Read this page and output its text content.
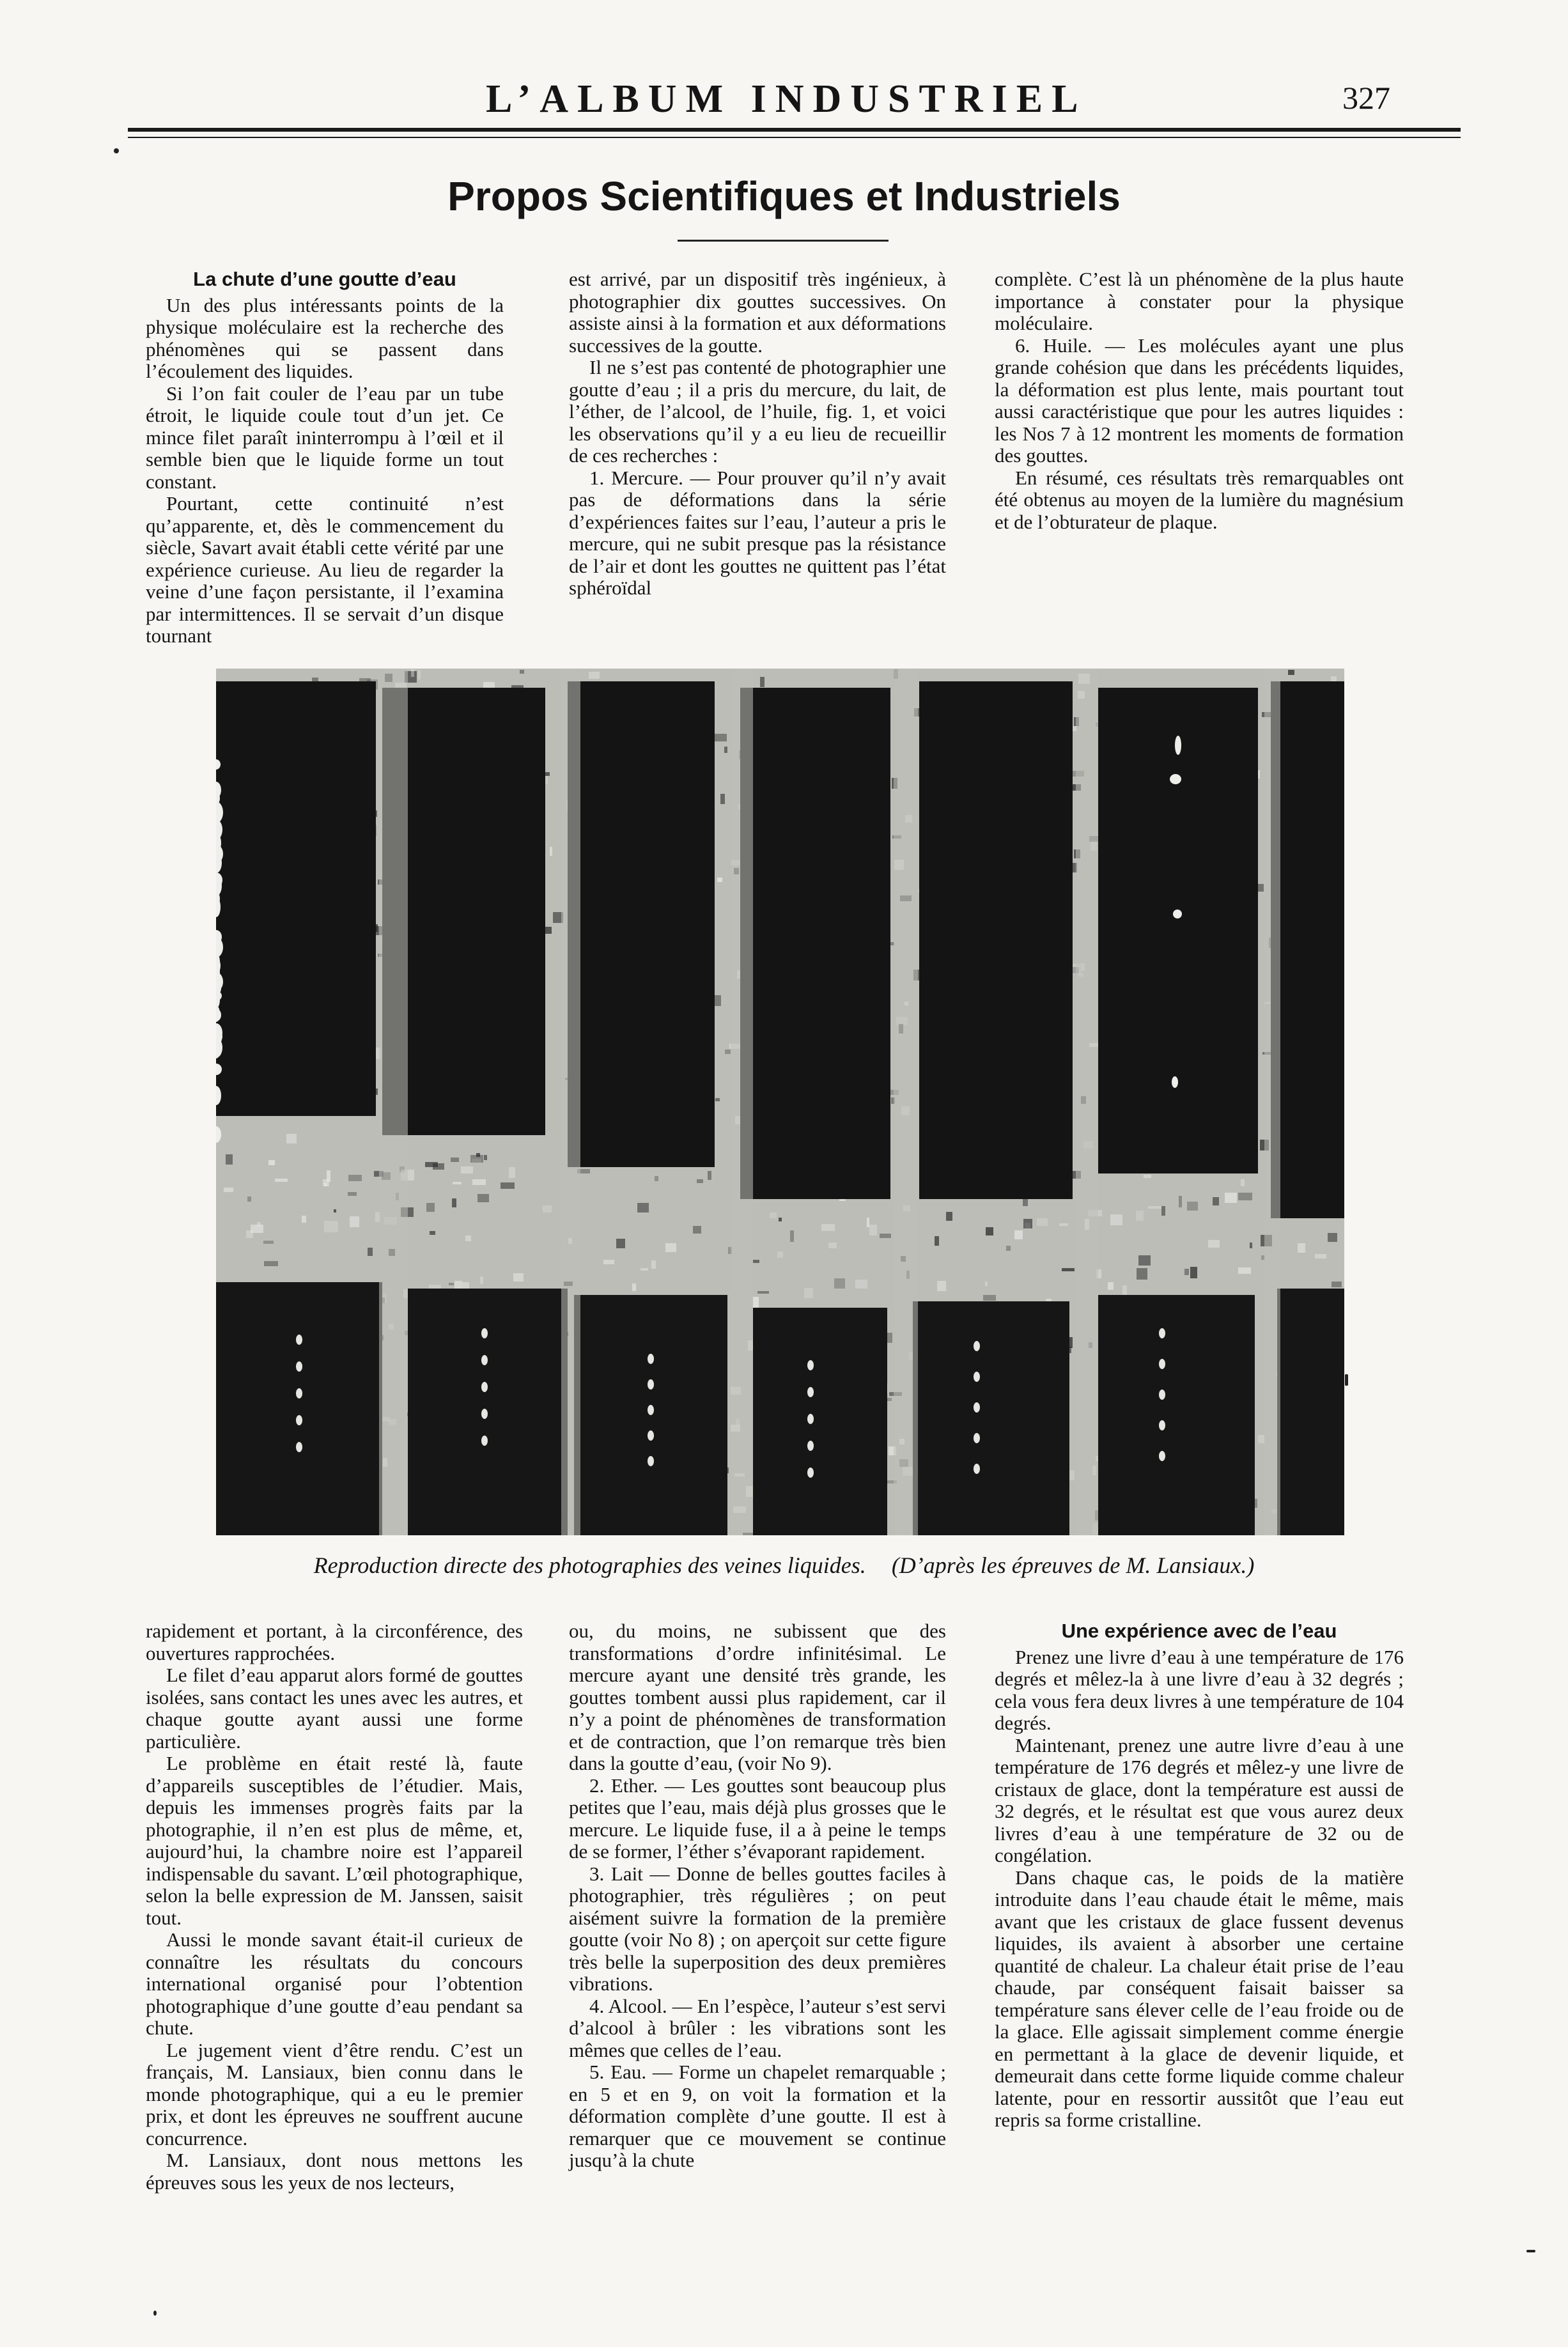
L’ALBUM INDUSTRIEL	327
Propos Scientifiques et Industriels
La chute d’une goutte d’eau

Un des plus intéressants points de la physique moléculaire est la recherche des phénomènes qui se passent dans l’écoulement des liquides.

Si l’on fait couler de l’eau par un tube étroit, le liquide coule tout d’un jet. Ce mince filet paraît ininterrompu à l’œil et il semble bien que le liquide forme un tout constant.

Pourtant, cette continuité n’est qu’apparente, et, dès le commencement du siècle, Savart avait établi cette vérité par une expérience curieuse. Au lieu de regarder la veine d’une façon persistante, il l’examina par intermittences. Il se servait d’un disque tournant

est arrivé, par un dispositif très ingénieux, à photographier dix gouttes successives. On assiste ainsi à la formation et aux déformations successives de la goutte.

Il ne s’est pas contenté de photographier une goutte d’eau ; il a pris du mercure, du lait, de l’éther, de l’alcool, de l’huile, fig. 1, et voici les observations qu’il y a eu lieu de recueillir de ces recherches :

1. Mercure. — Pour prouver qu’il n’y avait pas de déformations dans la série d’expériences faites sur l’eau, l’auteur a pris le mercure, qui ne subit presque pas la résistance de l’air et dont les gouttes ne quittent pas l’état sphéroïdal

complète. C’est là un phénomène de la plus haute importance à constater pour la physique moléculaire.

6. Huile. — Les molécules ayant une plus grande cohésion que dans les précédents liquides, la déformation est plus lente, mais pourtant tout aussi caractéristique que pour les autres liquides : les Nos 7 à 12 montrent les moments de formation des gouttes.

En résumé, ces résultats très remarquables ont été obtenus au moyen de la lumière du magnésium et de l’obturateur de plaque.

Reproduction directe des photographies des veines liquides. (D’après les épreuves de M. Lansiaux.)

rapidement et portant, à la circonférence, des ouvertures rapprochées.

Le filet d’eau apparut alors formé de gouttes isolées, sans contact les unes avec les autres, et chaque goutte ayant aussi une forme particulière.

Le problème en était resté là, faute d’appareils susceptibles de l’étudier. Mais, depuis les immenses progrès faits par la photographie, il n’en est plus de même, et, aujourd’hui, la chambre noire est l’appareil indispensable du savant. L’œil photographique, selon la belle expression de M. Janssen, saisit tout.

Aussi le monde savant était-il curieux de connaître les résultats du concours international organisé pour l’obtention photographique d’une goutte d’eau pendant sa chute.

Le jugement vient d’être rendu. C’est un français, M. Lansiaux, bien connu dans le monde photographique, qui a eu le premier prix, et dont les épreuves ne souffrent aucune concurrence.

M. Lansiaux, dont nous mettons les épreuves sous les yeux de nos lecteurs,

ou, du moins, ne subissent que des transformations d’ordre infinitésimal. Le mercure ayant une densité très grande, les gouttes tombent aussi plus rapidement, car il n’y a point de phénomènes de transformation et de contraction, que l’on remarque très bien dans la goutte d’eau, (voir No 9).

2. Ether. — Les gouttes sont beaucoup plus petites que l’eau, mais déjà plus grosses que le mercure. Le liquide fuse, il a à peine le temps de se former, l’éther s’évaporant rapidement.

3. Lait — Donne de belles gouttes faciles à photographier, très régulières ; on peut aisément suivre la formation de la première goutte (voir No 8) ; on aperçoit sur cette figure très belle la superposition des deux premières vibrations.

4. Alcool. — En l’espèce, l’auteur s’est servi d’alcool à brûler : les vibrations sont les mêmes que celles de l’eau.

5. Eau. — Forme un chapelet remarquable ; en 5 et en 9, on voit la formation et la déformation complète d’une goutte. Il est à remarquer que ce mouvement se continue jusqu’à la chute

Une expérience avec de l’eau

Prenez une livre d’eau à une température de 176 degrés et mêlez-la à une livre d’eau à 32 degrés ; cela vous fera deux livres à une température de 104 degrés.

Maintenant, prenez une autre livre d’eau à une température de 176 degrés et mêlez-y une livre de cristaux de glace, dont la température est aussi de 32 degrés, et le résultat est que vous aurez deux livres d’eau à une température de 32 ou de congélation.

Dans chaque cas, le poids de la matière introduite dans l’eau chaude était le même, mais avant que les cristaux de glace fussent devenus liquides, ils avaient à absorber une certaine quantité de chaleur. La chaleur était prise de l’eau chaude, par conséquent faisait baisser sa température sans élever celle de l’eau froide ou de la glace. Elle agissait simplement comme énergie en permettant à la glace de devenir liquide, et demeurait dans cette forme liquide comme chaleur latente, pour en ressortir aussitôt que l’eau eut repris sa forme cristalline.
